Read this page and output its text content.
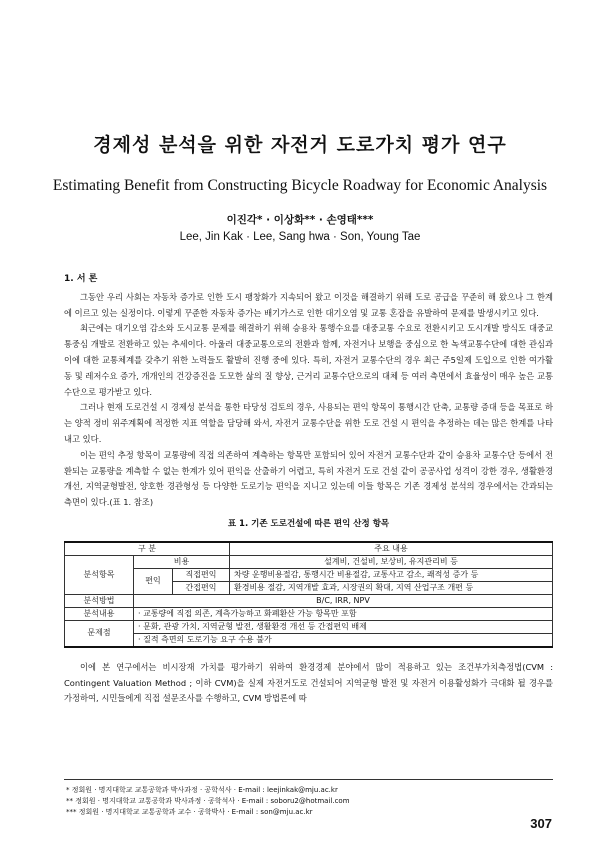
경제성 분석을 위한 자전거 도로가치 평가 연구
Estimating Benefit from Constructing Bicycle Roadway for Economic Analysis
이진각* · 이상화** · 손영태***
Lee, Jin Kak · Lee, Sang hwa · Son, Young Tae
1. 서 론

그동안 우리 사회는 자동차 증가로 인한 도시 팽창화가 지속되어 왔고 이것을 해결하기 위해 도로 공급을 꾸준히 해 왔으나 그 한계에 이르고 있는 실정이다. 이렇게 꾸준한 자동차 증가는 배기가스로 인한 대기오염 및 교통 혼잡을 유발하여 문제를 발생시키고 있다.

최근에는 대기오염 감소와 도시교통 문제를 해결하기 위해 승용차 통행수요를 대중교통 수요로 전환시키고 도시개발 방식도 대중교통중심 개발로 전환하고 있는 추세이다. 아울러 대중교통으로의 전환과 함께, 자전거나 보행을 중심으로 한 녹색교통수단에 대한 관심과 이에 대한 교통체계를 갖추기 위한 노력들도 활발히 진행 중에 있다. 특히, 자전거 교통수단의 경우 최근 주5일제 도입으로 인한 여가활동 및 레저수요 증가, 개개인의 건강증진을 도모한 삶의 질 향상, 근거리 교통수단으로의 대체 등 여러 측면에서 효율성이 매우 높은 교통수단으로 평가받고 있다.

그러나 현재 도로건설 시 경제성 분석을 통한 타당성 검토의 경우, 사용되는 편익 항목이 통행시간 단축, 교통량 증대 등을 목표로 하는 양적 정비 위주계획에 적정한 지표 역할을 담당해 와서, 자전거 교통수단을 위한 도로 건설 시 편익을 추정하는 데는 많은 한계를 나타내고 있다.

이는 편익 추정 항목이 교통량에 직접 의존하여 계측하는 항목만 포함되어 있어 자전거 교통수단과 같이 승용차 교통수단 등에서 전환되는 교통량을 계측할 수 없는 한계가 있어 편익을 산출하기 어렵고, 특히 자전거 도로 건설 같이 공공사업 성격이 강한 경우, 생활환경개선, 지역균형발전, 양호한 경관형성 등 다양한 도로기능 편익을 지니고 있는데 이들 항목은 기존 경제성 분석의 경우에서는 간과되는 측면이 있다.(표 1. 참조)

표 1. 기존 도로건설에 따른 편익 산정 항목
구 분			주요 내용
분석항목	비용		설계비, 건설비, 보상비, 유지관리비 등
	편익	직접편익	차량 운행비용절감, 통행시간 비용절감, 교통사고 감소, 쾌적성 증가 등
		간접편익	환경비용 절감, 지역개발 효과, 시장권의 확대, 지역 산업구조 개편 등
분석방법	B/C, IRR, NPV		
분석내용	· 교통량에 직접 의존, 계측가능하고 화폐환산 가능 항목만 포함		
문제점	· 문화, 관광 가치, 지역균형 발전, 생활환경 개선 등 간접편익 배제		
	· 질적 측면의 도로기능 요구 수용 불가		

이에 본 연구에서는 비시장재 가치를 평가하기 위하여 환경경제 분야에서 많이 적용하고 있는 조건부가치측정법(CVM : Contingent Valuation Method ; 이하 CVM)을 실제 자전거도로 건설되어 지역균형 발전 및 자전거 이용활성화가 극대화 될 경우를 가정하여, 시민들에게 직접 설문조사를 수행하고, CVM 방법론에 따

* 정회원 · 명지대학교 교통공학과 박사과정 · 공학석사 · E-mail : leejinkak@mju.ac.kr
** 정회원 · 명지대학교 교통공학과 박사과정 · 공학석사 · E-mail : soboru2@hotmail.com
*** 정회원 · 명지대학교 교통공학과 교수 · 공학박사 · E-mail : son@mju.ac.kr
307
